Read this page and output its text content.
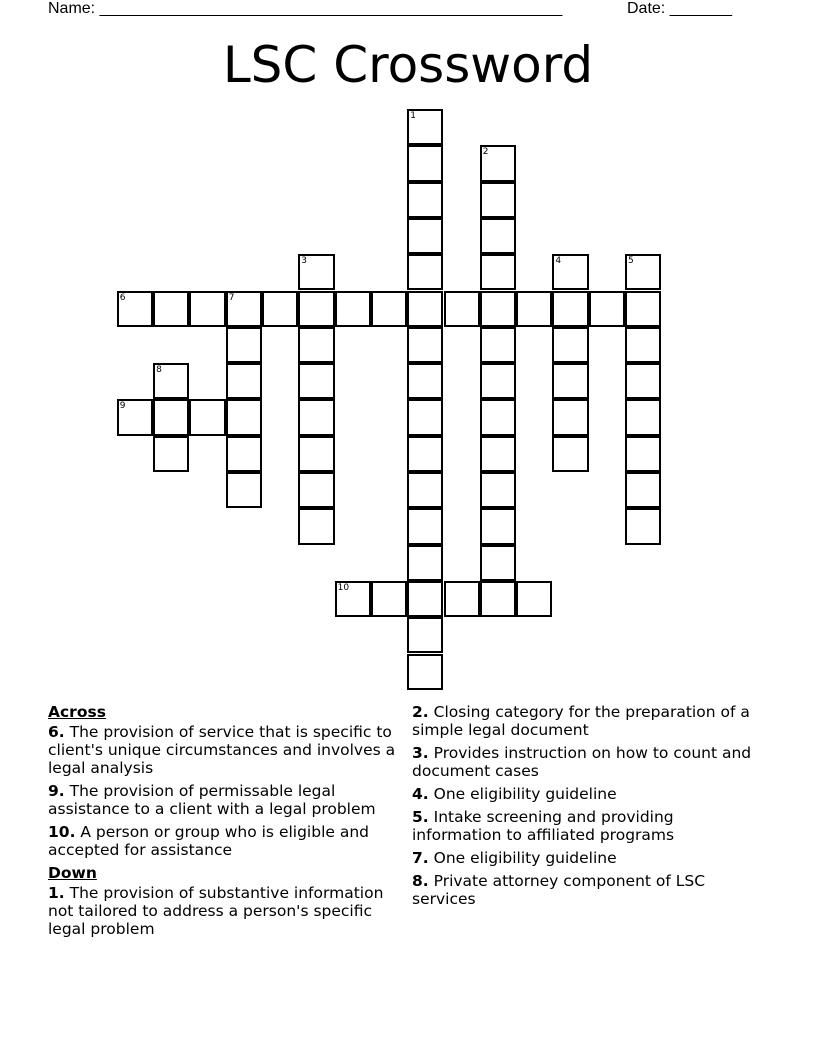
Name: ____________________________________________________	Date: _______
LSC Crossword
1
2
3	4	5
6	7
8
9
10
Across
6. The provision of service that is specific to client's unique circumstances and involves a legal analysis
9. The provision of permissable legal assistance to a client with a legal problem
10. A person or group who is eligible and accepted for assistance
Down
1. The provision of substantive information not tailored to address a person's specific legal problem
2. Closing category for the preparation of a simple legal document
3. Provides instruction on how to count and document cases
4. One eligibility guideline
5. Intake screening and providing information to affiliated programs
7. One eligibility guideline
8. Private attorney component of LSC services
